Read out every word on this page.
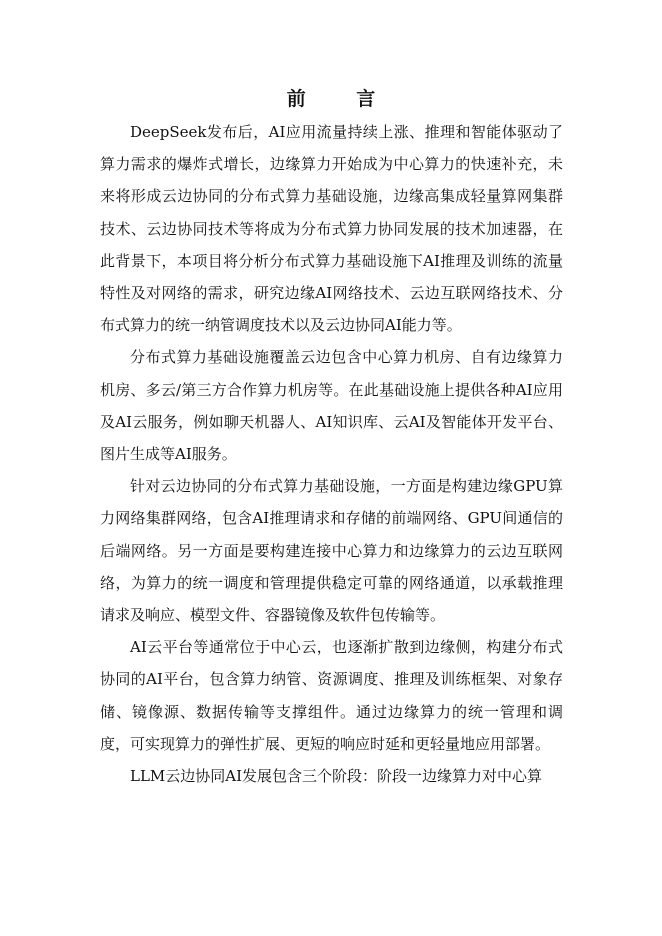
前 言

DeepSeek发布后，AI应用流量持续上涨、推理和智能体驱动了算力需求的爆炸式增长，边缘算力开始成为中心算力的快速补充，未来将形成云边协同的分布式算力基础设施，边缘高集成轻量算网集群技术、云边协同技术等将成为分布式算力协同发展的技术加速器，在此背景下，本项目将分析分布式算力基础设施下AI推理及训练的流量特性及对网络的需求，研究边缘AI网络技术、云边互联网络技术、分布式算力的统一纳管调度技术以及云边协同AI能力等。

分布式算力基础设施覆盖云边包含中心算力机房、自有边缘算力机房、多云/第三方合作算力机房等。在此基础设施上提供各种AI应用及AI云服务，例如聊天机器人、AI知识库、云AI及智能体开发平台、图片生成等AI服务。

针对云边协同的分布式算力基础设施，一方面是构建边缘GPU算力网络集群网络，包含AI推理请求和存储的前端网络、GPU间通信的后端网络。另一方面是要构建连接中心算力和边缘算力的云边互联网络，为算力的统一调度和管理提供稳定可靠的网络通道，以承载推理请求及响应、模型文件、容器镜像及软件包传输等。

AI云平台等通常位于中心云，也逐渐扩散到边缘侧，构建分布式协同的AI平台，包含算力纳管、资源调度、推理及训练框架、对象存储、镜像源、数据传输等支撑组件。通过边缘算力的统一管理和调度，可实现算力的弹性扩展、更短的响应时延和更轻量地应用部署。

LLM云边协同AI发展包含三个阶段：阶段一边缘算力对中心算
